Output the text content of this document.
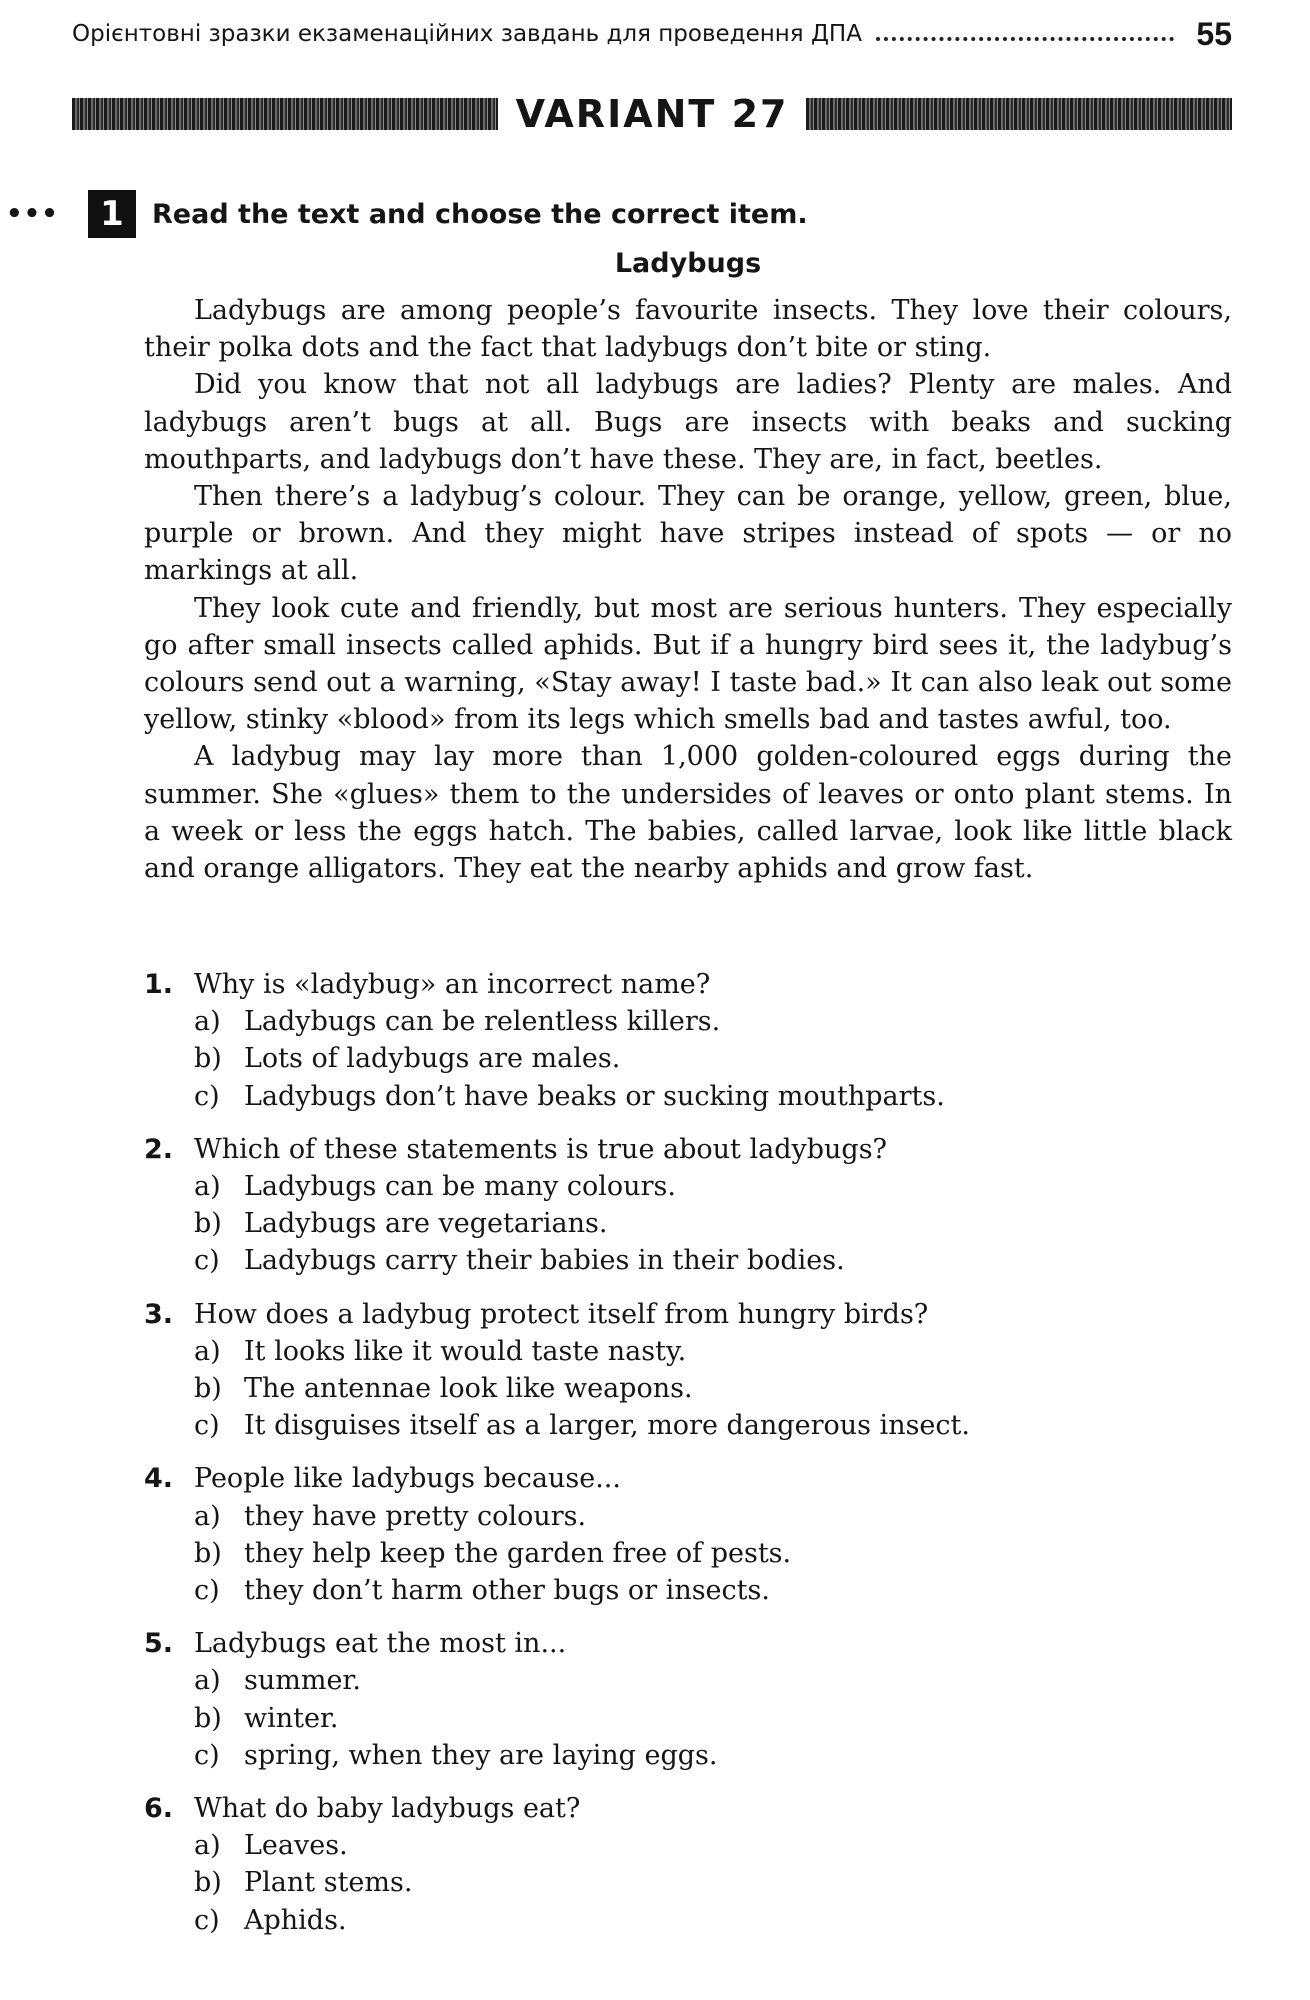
Орієнтовні зразки екзаменаційних завдань для проведення ДПА	55
VARIANT 27
•••	1	Read the text and choose the correct item.
Ladybugs

Ladybugs are among people’s favourite insects. They love their colours, their polka dots and the fact that ladybugs don’t bite or sting.

Did you know that not all ladybugs are ladies? Plenty are males. And ladybugs aren’t bugs at all. Bugs are insects with beaks and sucking mouthparts, and ladybugs don’t have these. They are, in fact, beetles.

Then there’s a ladybug’s colour. They can be orange, yellow, green, blue, purple or brown. And they might have stripes instead of spots — or no markings at all.

They look cute and friendly, but most are serious hunters. They especially go after small insects called aphids. But if a hungry bird sees it, the ladybug’s colours send out a warning, «Stay away! I taste bad.» It can also leak out some yellow, stinky «blood» from its legs which smells bad and tastes awful, too.

A ladybug may lay more than 1,000 golden-coloured eggs during the summer. She «glues» them to the undersides of leaves or onto plant stems. In a week or less the eggs hatch. The babies, called larvae, look like little black and orange alligators. They eat the nearby aphids and grow fast.

1. Why is «ladybug» an incorrect name?
a) Ladybugs can be relentless killers.
b) Lots of ladybugs are males.
c) Ladybugs don’t have beaks or sucking mouthparts.
2. Which of these statements is true about ladybugs?
a) Ladybugs can be many colours.
b) Ladybugs are vegetarians.
c) Ladybugs carry their babies in their bodies.
3. How does a ladybug protect itself from hungry birds?
a) It looks like it would taste nasty.
b) The antennae look like weapons.
c) It disguises itself as a larger, more dangerous insect.
4. People like ladybugs because...
a) they have pretty colours.
b) they help keep the garden free of pests.
c) they don’t harm other bugs or insects.
5. Ladybugs eat the most in...
a) summer.
b) winter.
c) spring, when they are laying eggs.
6. What do baby ladybugs eat?
a) Leaves.
b) Plant stems.
c) Aphids.
